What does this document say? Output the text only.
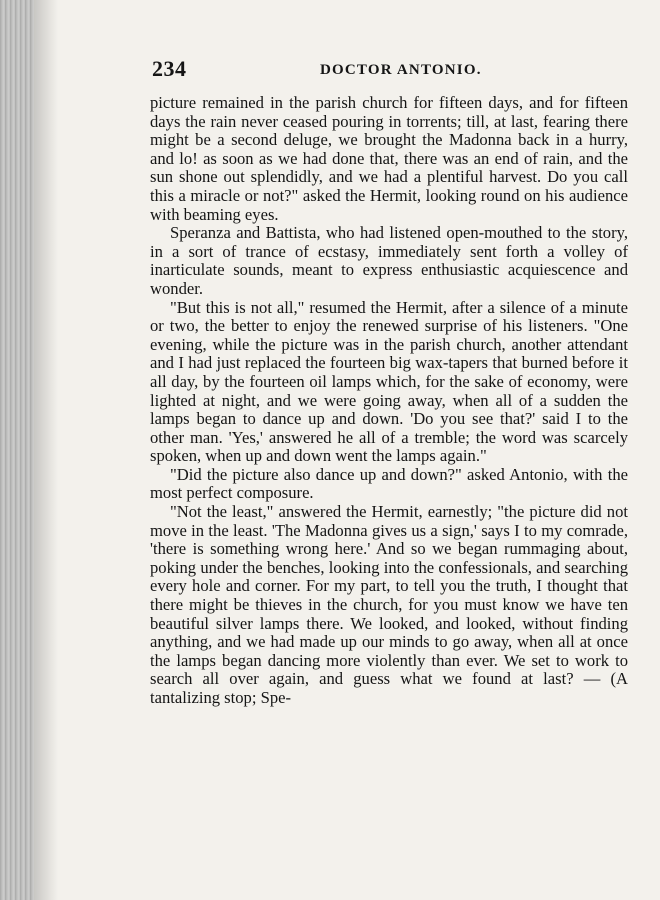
234	DOCTOR ANTONIO.

picture remained in the parish church for fifteen days, and for fifteen days the rain never ceased pouring in torrents; till, at last, fearing there might be a second deluge, we brought the Madonna back in a hurry, and lo! as soon as we had done that, there was an end of rain, and the sun shone out splendidly, and we had a plentiful harvest. Do you call this a miracle or not?" asked the Hermit, looking round on his audience with beaming eyes.

Speranza and Battista, who had listened open-mouthed to the story, in a sort of trance of ecstasy, immediately sent forth a volley of inarticulate sounds, meant to express enthusiastic acquiescence and wonder.

"But this is not all," resumed the Hermit, after a silence of a minute or two, the better to enjoy the renewed surprise of his listeners. "One evening, while the picture was in the parish church, another attendant and I had just replaced the fourteen big wax-tapers that burned before it all day, by the fourteen oil lamps which, for the sake of economy, were lighted at night, and we were going away, when all of a sudden the lamps began to dance up and down. 'Do you see that?' said I to the other man. 'Yes,' answered he all of a tremble; the word was scarcely spoken, when up and down went the lamps again."

"Did the picture also dance up and down?" asked Antonio, with the most perfect composure.

"Not the least," answered the Hermit, earnestly; "the picture did not move in the least. 'The Madonna gives us a sign,' says I to my comrade, 'there is something wrong here.' And so we began rummaging about, poking under the benches, looking into the confessionals, and searching every hole and corner. For my part, to tell you the truth, I thought that there might be thieves in the church, for you must know we have ten beautiful silver lamps there. We looked, and looked, without finding anything, and we had made up our minds to go away, when all at once the lamps began dancing more violently than ever. We set to work to search all over again, and guess what we found at last? — (A tantalizing stop; Spe-
